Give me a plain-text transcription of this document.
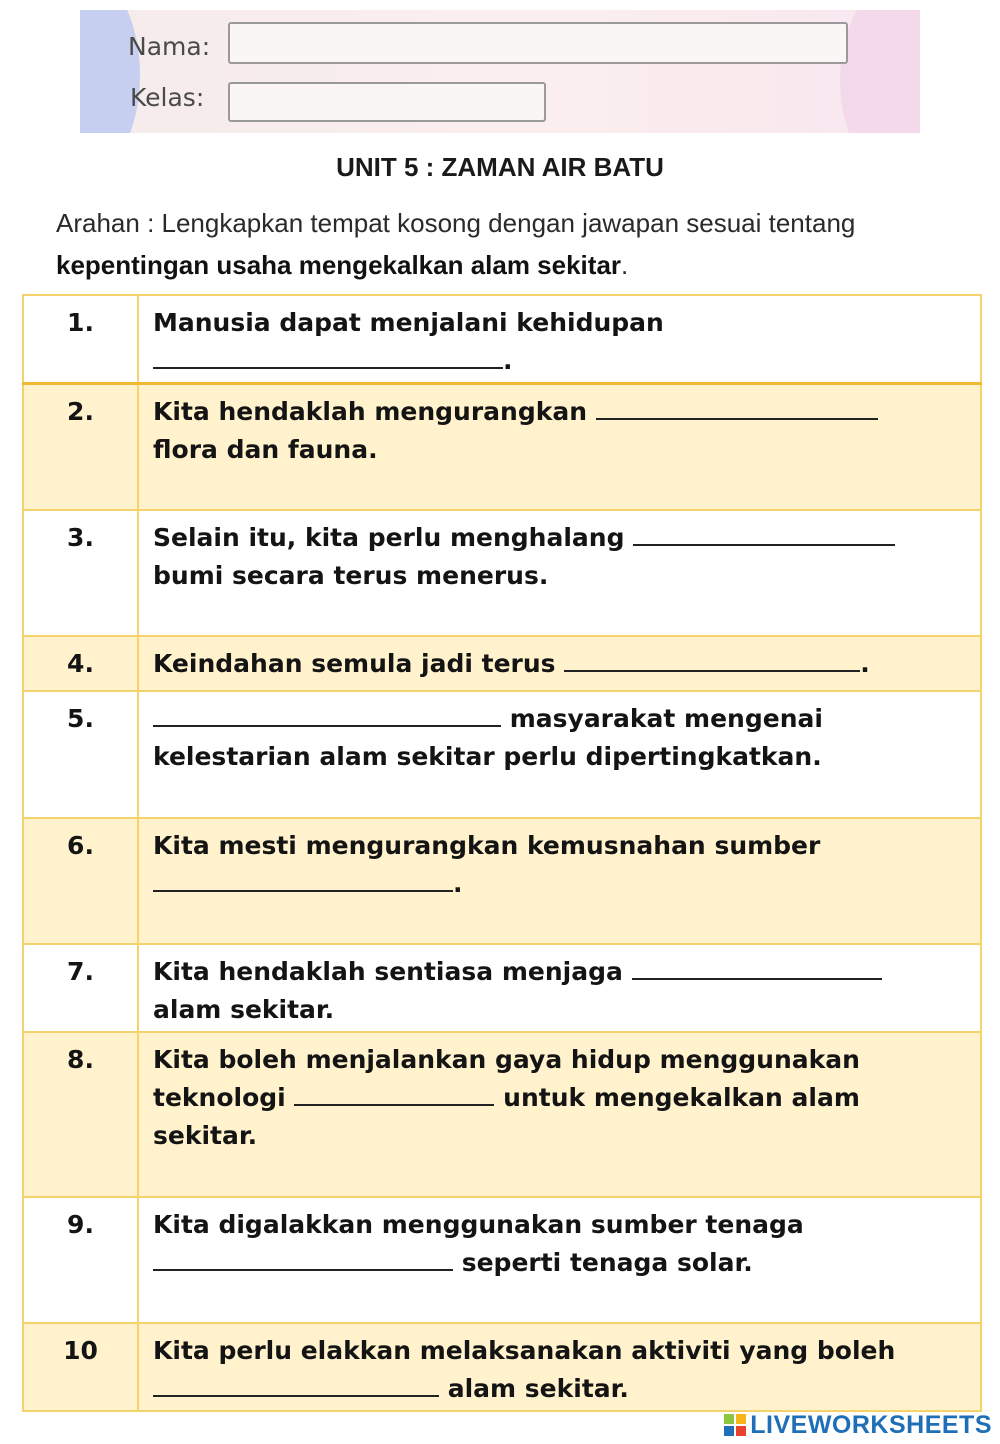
Nama:
Kelas:
UNIT 5 : ZAMAN AIR BATU
Arahan : Lengkapkan tempat kosong dengan jawapan sesuai tentang kepentingan usaha mengekalkan alam sekitar.
1.	Manusia dapat menjalani kehidupan
.
2.	Kita hendaklah mengurangkan
flora dan fauna.
3.	Selain itu, kita perlu menghalang
bumi secara terus menerus.
4.	Keindahan semula jadi terus .
5.	masyarakat mengenai kelestarian alam sekitar perlu dipertingkatkan.
6.	Kita mesti mengurangkan kemusnahan sumber
.
7.	Kita hendaklah sentiasa menjaga
alam sekitar.
8.	Kita boleh menjalankan gaya hidup menggunakan teknologi untuk mengekalkan alam sekitar.
9.	Kita digalakkan menggunakan sumber tenaga
seperti tenaga solar.
10	Kita perlu elakkan melaksanakan aktiviti yang boleh
alam sekitar.
LIVEWORKSHEETS
